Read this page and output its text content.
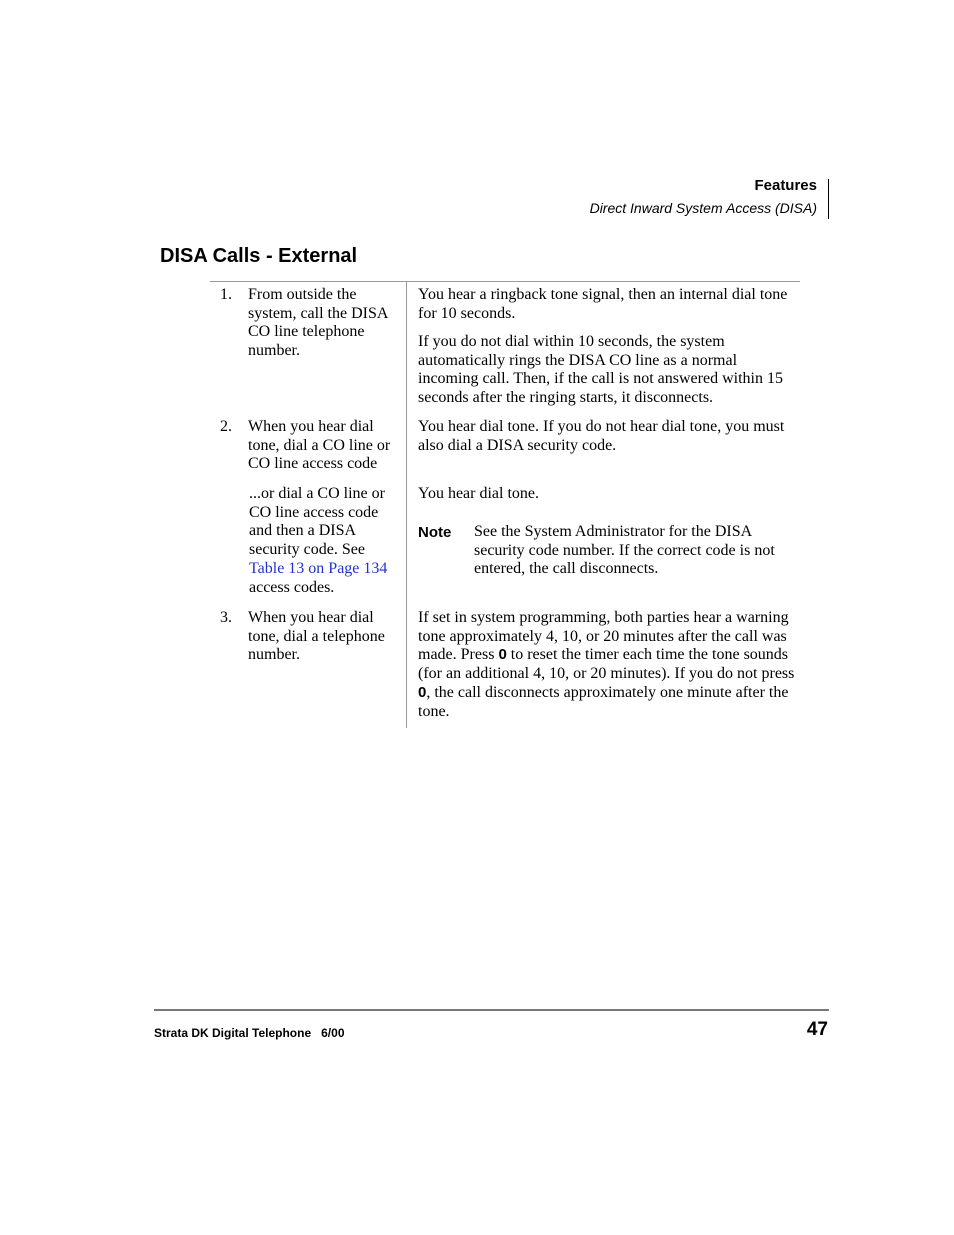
Features
Direct Inward System Access (DISA)
DISA Calls - External
1. From outside the system, call the DISA CO line telephone number.
You hear a ringback tone signal, then an internal dial tone for 10 seconds.
If you do not dial within 10 seconds, the system automatically rings the DISA CO line as a normal incoming call. Then, if the call is not answered within 15 seconds after the ringing starts, it disconnects.
2. When you hear dial tone, dial a CO line or CO line access code
You hear dial tone. If you do not hear dial tone, you must also dial a DISA security code.
...or dial a CO line or CO line access code and then a DISA security code. See Table 13 on Page 134 access codes.
You hear dial tone.
Note See the System Administrator for the DISA security code number. If the correct code is not entered, the call disconnects.
3. When you hear dial tone, dial a telephone number.
If set in system programming, both parties hear a warning tone approximately 4, 10, or 20 minutes after the call was made. Press 0 to reset the timer each time the tone sounds (for an additional 4, 10, or 20 minutes). If you do not press 0, the call disconnects approximately one minute after the tone.
Strata DK Digital Telephone   6/00	47
